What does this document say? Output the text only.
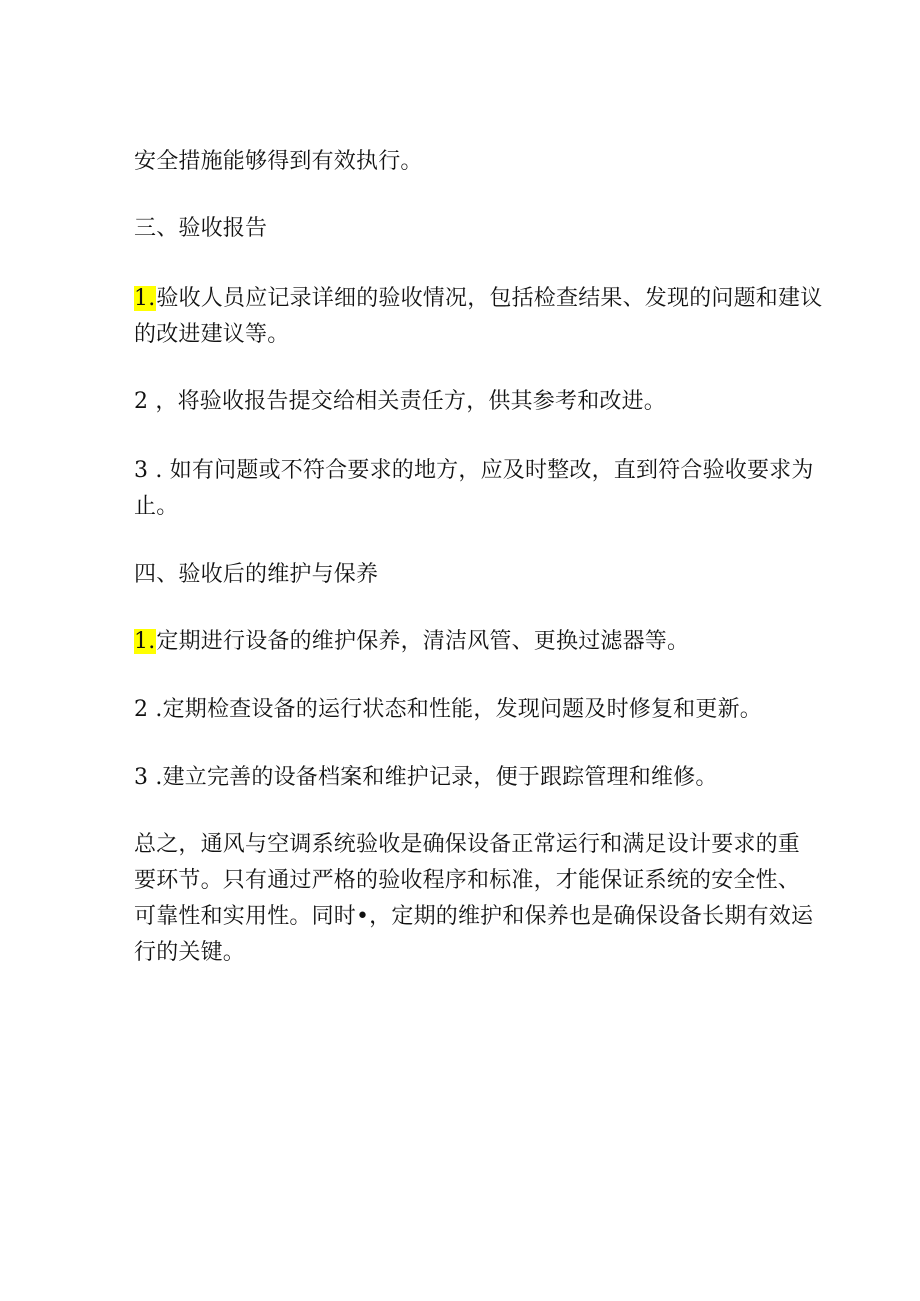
安全措施能够得到有效执行。
三、验收报告
1.验收人员应记录详细的验收情况，包括检查结果、发现的问题和建议
的改进建议等。
2 ，将验收报告提交给相关责任方，供其参考和改进。
3 . 如有问题或不符合要求的地方，应及时整改，直到符合验收要求为
止。
四、验收后的维护与保养
1.定期进行设备的维护保养，清洁风管、更换过滤器等。
2 .定期检查设备的运行状态和性能，发现问题及时修复和更新。
3 .建立完善的设备档案和维护记录，便于跟踪管理和维修。
总之，通风与空调系统验收是确保设备正常运行和满足设计要求的重
要环节。只有通过严格的验收程序和标准，才能保证系统的安全性、
可靠性和实用性。同时•，定期的维护和保养也是确保设备长期有效运
行的关键。
